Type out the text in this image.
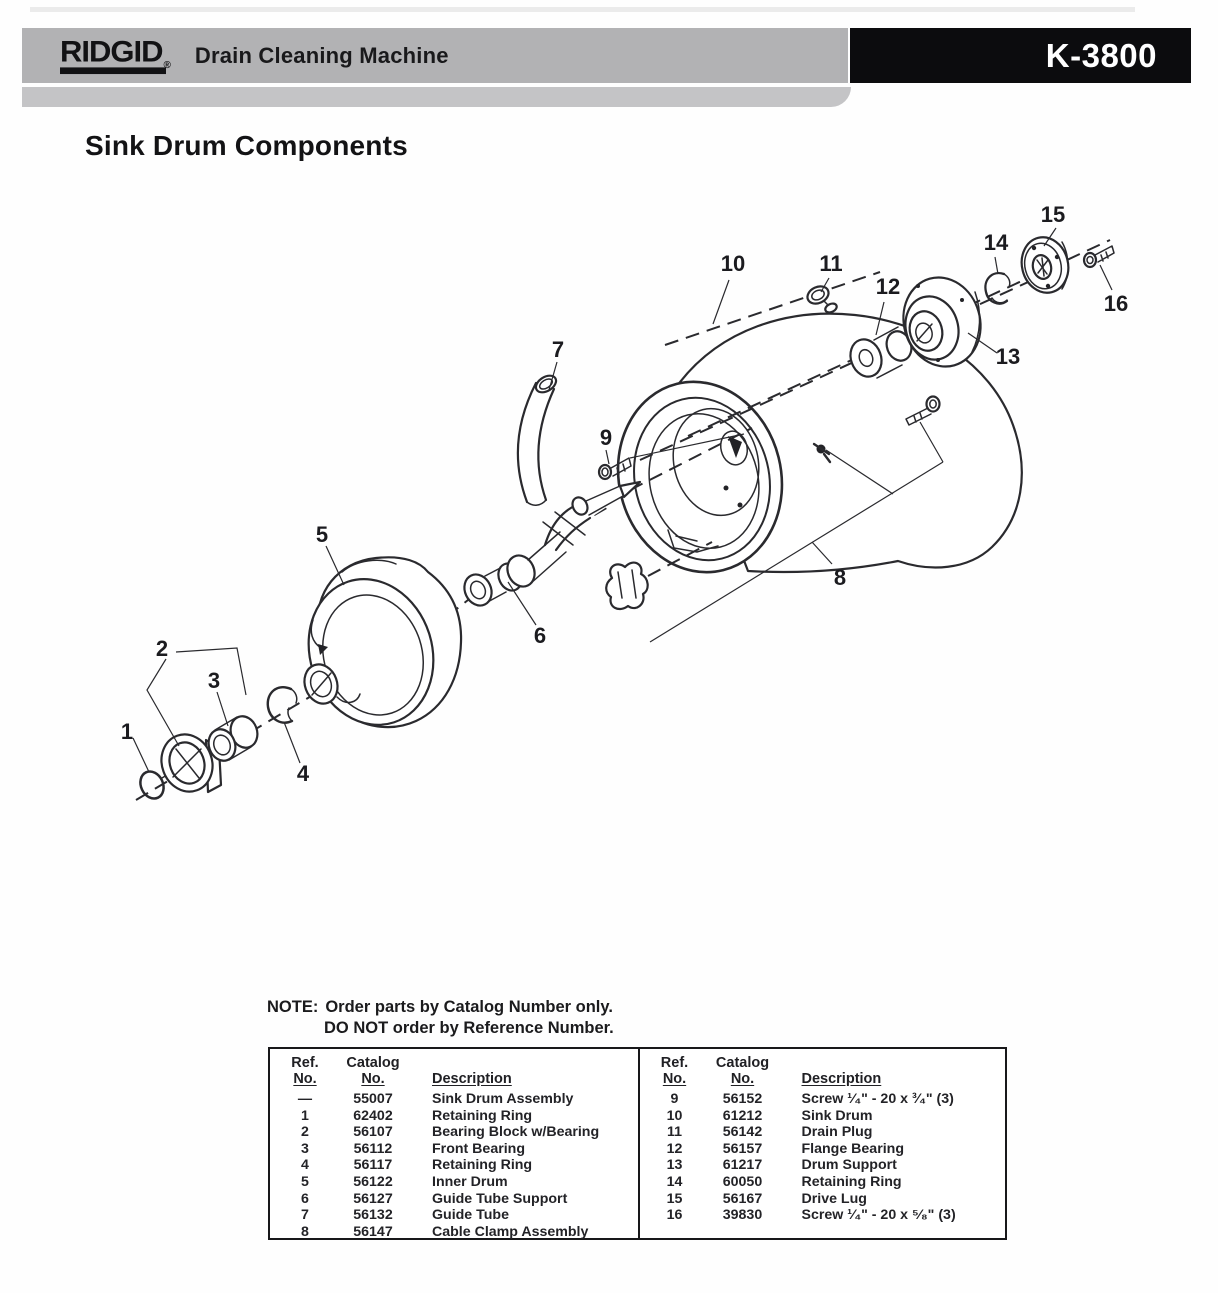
RIDGID ® Drain Cleaning Machine	K-3800
Sink Drum Components
1
2
3
4
5
6
7
8
9
10	11
12
13
14
15
16
NOTE: Order parts by Catalog Number only.
DO NOT order by Reference Number.
Ref.
No.
Catalog
No.	Description
—	55007	Sink Drum Assembly
1	62402	Retaining Ring
2	56107	Bearing Block w/Bearing
3	56112	Front Bearing
4	56117	Retaining Ring
5	56122	Inner Drum
6	56127	Guide Tube Support
7	56132	Guide Tube
8	56147	Cable Clamp Assembly
Ref.
No.
Catalog
No.	Description
9	56152	Screw ¹⁄₄" - 20 x ³⁄₄" (3)
10	61212	Sink Drum
11	56142	Drain Plug
12	56157	Flange Bearing
13	61217	Drum Support
14	60050	Retaining Ring
15	56167	Drive Lug
16	39830	Screw ¹⁄₄" - 20 x ⁵⁄₈" (3)
